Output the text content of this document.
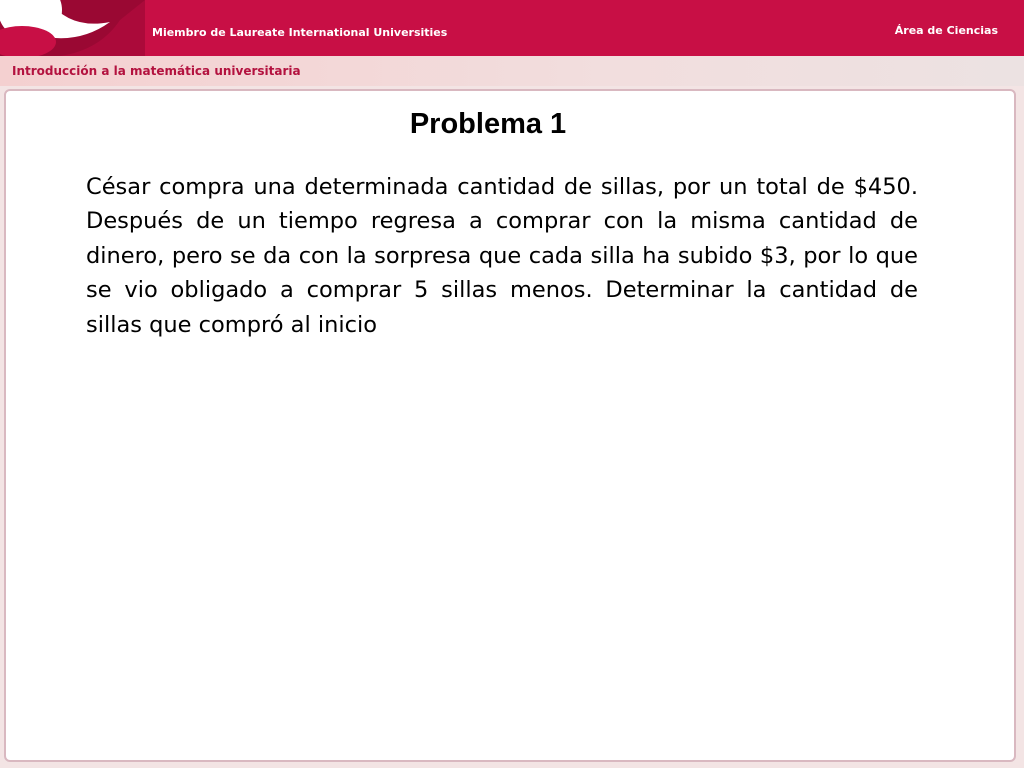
Miembro de Laureate International Universities	Área de Ciencias
Introducción a la matemática universitaria
Problema 1
César compra una determinada cantidad de sillas, por un total de $450. Después de un tiempo regresa a comprar con la misma cantidad de dinero, pero se da con la sorpresa que cada silla ha subido $3, por lo que se vio obligado a comprar 5 sillas menos. Determinar la cantidad de sillas que compró al inicio
